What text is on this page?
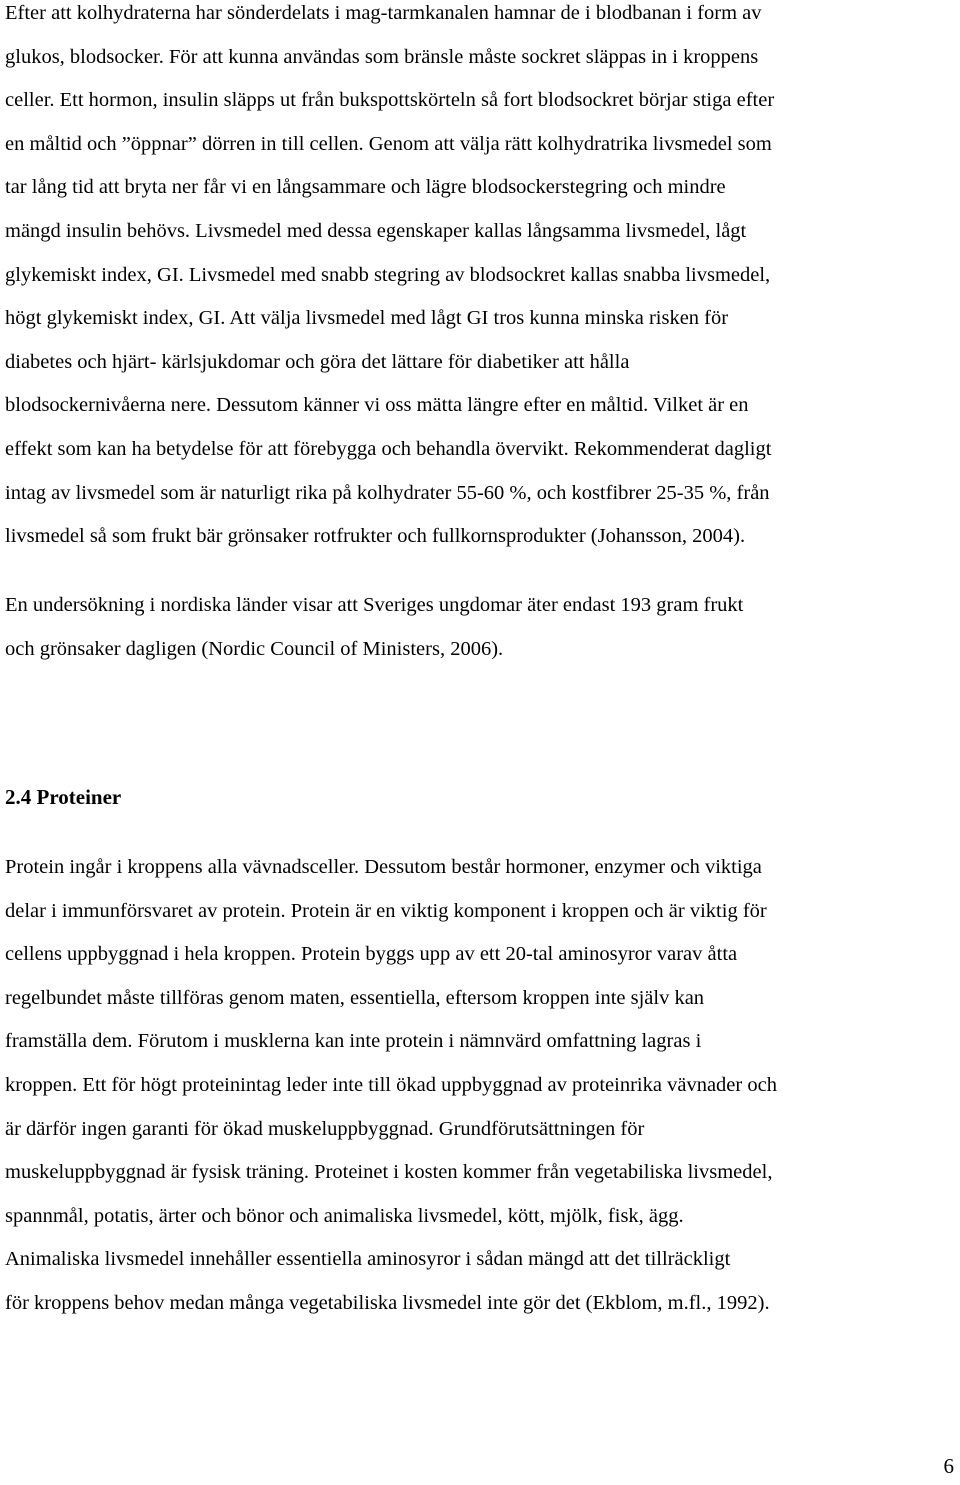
Efter att kolhydraterna har sönderdelats i mag-tarmkanalen hamnar de i blodbanan i form av
glukos, blodsocker. För att kunna användas som bränsle måste sockret släppas in i kroppens
celler. Ett hormon, insulin släpps ut från bukspottskörteln så fort blodsockret börjar stiga efter
en måltid och ”öppnar” dörren in till cellen. Genom att välja rätt kolhydratrika livsmedel som
tar lång tid att bryta ner får vi en långsammare och lägre blodsockerstegring och mindre
mängd insulin behövs. Livsmedel med dessa egenskaper kallas långsamma livsmedel, lågt
glykemiskt index, GI. Livsmedel med snabb stegring av blodsockret kallas snabba livsmedel,
högt glykemiskt index, GI. Att välja livsmedel med lågt GI tros kunna minska risken för
diabetes och hjärt- kärlsjukdomar och göra det lättare för diabetiker att hålla
blodsockernivåerna nere. Dessutom känner vi oss mätta längre efter en måltid. Vilket är en
effekt som kan ha betydelse för att förebygga och behandla övervikt. Rekommenderat dagligt
intag av livsmedel som är naturligt rika på kolhydrater 55-60 %, och kostfibrer 25-35 %, från
livsmedel så som frukt bär grönsaker rotfrukter och fullkornsprodukter (Johansson, 2004).

En undersökning i nordiska länder visar att Sveriges ungdomar äter endast 193 gram frukt
och grönsaker dagligen (Nordic Council of Ministers, 2006).

2.4 Proteiner

Protein ingår i kroppens alla vävnadsceller. Dessutom består hormoner, enzymer och viktiga
delar i immunförsvaret av protein. Protein är en viktig komponent i kroppen och är viktig för
cellens uppbyggnad i hela kroppen. Protein byggs upp av ett 20-tal aminosyror varav åtta
regelbundet måste tillföras genom maten, essentiella, eftersom kroppen inte själv kan
framställa dem. Förutom i musklerna kan inte protein i nämnvärd omfattning lagras i
kroppen. Ett för högt proteinintag leder inte till ökad uppbyggnad av proteinrika vävnader och
är därför ingen garanti för ökad muskeluppbyggnad. Grundförutsättningen för
muskeluppbyggnad är fysisk träning. Proteinet i kosten kommer från vegetabiliska livsmedel,
spannmål, potatis, ärter och bönor och animaliska livsmedel, kött, mjölk, fisk, ägg.
Animaliska livsmedel innehåller essentiella aminosyror i sådan mängd att det tillräckligt
för kroppens behov medan många vegetabiliska livsmedel inte gör det (Ekblom, m.fl., 1992).

6
